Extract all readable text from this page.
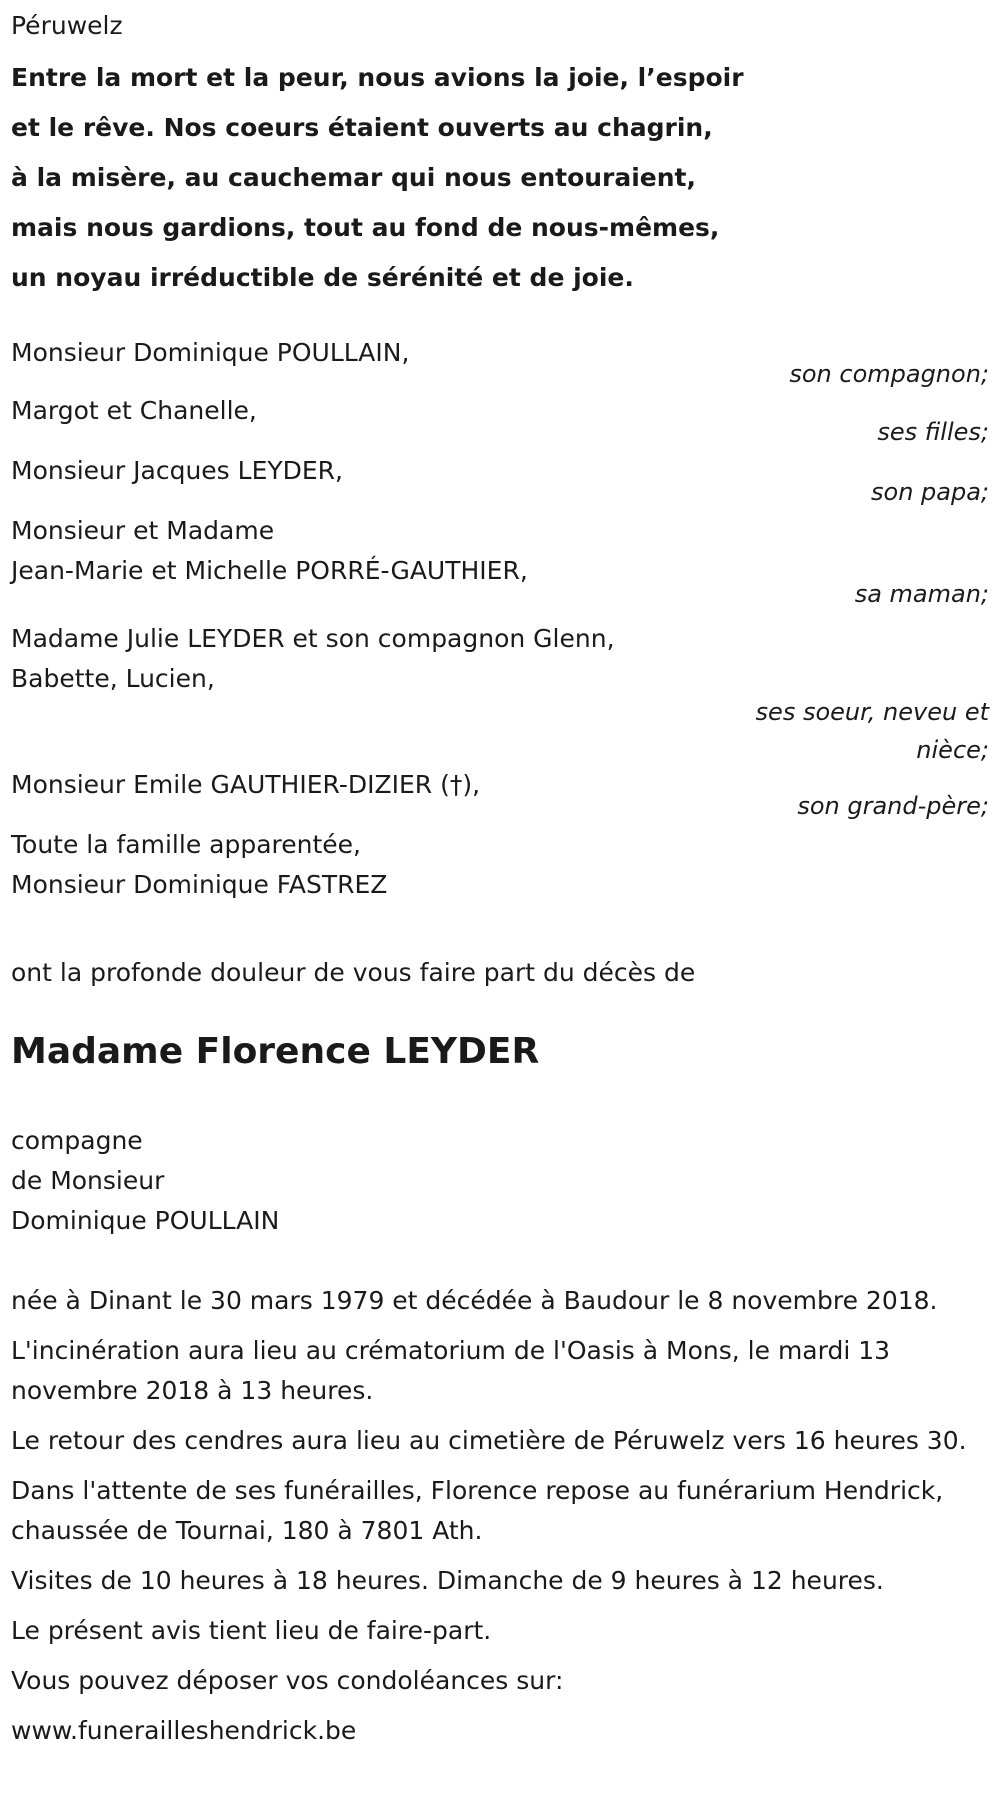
Péruwelz
Entre la mort et la peur, nous avions la joie, l’espoir
et le rêve. Nos coeurs étaient ouverts au chagrin,
à la misère, au cauchemar qui nous entouraient,
mais nous gardions, tout au fond de nous-mêmes,
un noyau irréductible de sérénité et de joie.
Monsieur Dominique POULLAIN,
son compagnon;
Margot et Chanelle,
ses filles;
Monsieur Jacques LEYDER,
son papa;
Monsieur et Madame
Jean-Marie et Michelle PORRÉ-GAUTHIER,
sa maman;
Madame Julie LEYDER et son compagnon Glenn,
Babette, Lucien,
ses soeur, neveu et
nièce;
Monsieur Emile GAUTHIER-DIZIER (†),
son grand-père;
Toute la famille apparentée,
Monsieur Dominique FASTREZ
ont la profonde douleur de vous faire part du décès de
Madame Florence LEYDER
compagne
de Monsieur
Dominique POULLAIN

née à Dinant le 30 mars 1979 et décédée à Baudour le 8 novembre 2018.

L'incinération aura lieu au crématorium de l'Oasis à Mons, le mardi 13 novembre 2018 à 13 heures.

Le retour des cendres aura lieu au cimetière de Péruwelz vers 16 heures 30.

Dans l'attente de ses funérailles, Florence repose au funérarium Hendrick, chaussée de Tournai, 180 à 7801 Ath.

Visites de 10 heures à 18 heures. Dimanche de 9 heures à 12 heures.

Le présent avis tient lieu de faire-part.

Vous pouvez déposer vos condoléances sur:

www.funerailleshendrick.be
